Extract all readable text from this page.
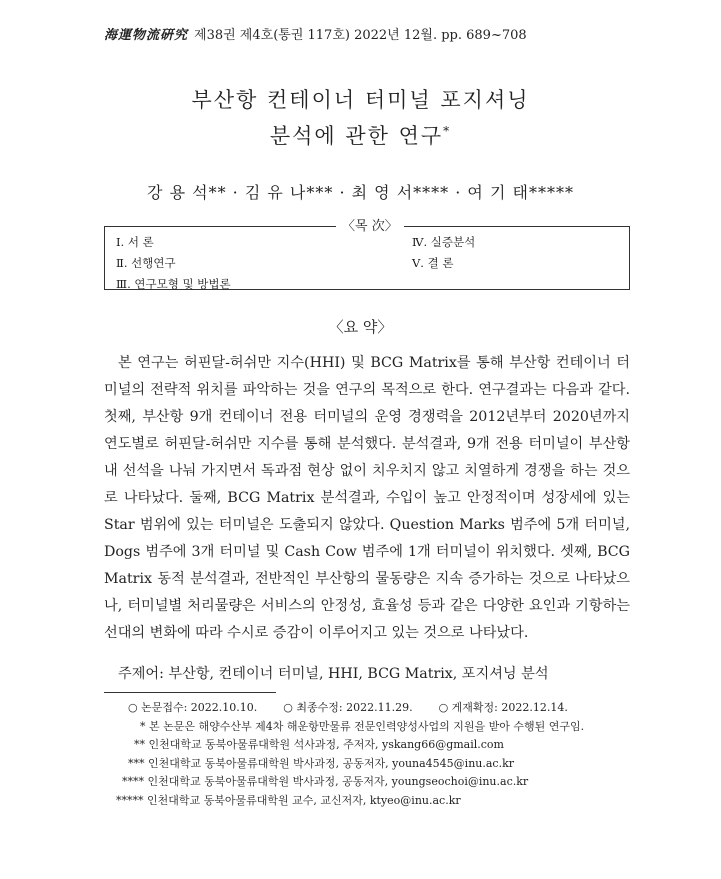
海運物流硏究 제38권 제4호(통권 117호) 2022년 12월. pp. 689~708
부산항 컨테이너 터미널 포지셔닝
분석에 관한 연구*
강 용 석** · 김 유 나*** · 최 영 서**** · 여 기 태*****
〈목 次〉
Ⅰ. 서 론
Ⅱ. 선행연구
Ⅲ. 연구모형 및 방법론
Ⅳ. 실증분석
Ⅴ. 결 론
〈요 약〉

본 연구는 허핀달-허쉬만 지수(HHI) 및 BCG Matrix를 통해 부산항 컨테이너 터미널의 전략적 위치를 파악하는 것을 연구의 목적으로 한다. 연구결과는 다음과 같다. 첫째, 부산항 9개 컨테이너 전용 터미널의 운영 경쟁력을 2012년부터 2020년까지 연도별로 허핀달-허쉬만 지수를 통해 분석했다. 분석결과, 9개 전용 터미널이 부산항 내 선석을 나눠 가지면서 독과점 현상 없이 치우치지 않고 치열하게 경쟁을 하는 것으로 나타났다. 둘째, BCG Matrix 분석결과, 수입이 높고 안정적이며 성장세에 있는 Star 범위에 있는 터미널은 도출되지 않았다. Question Marks 범주에 5개 터미널, Dogs 범주에 3개 터미널 및 Cash Cow 범주에 1개 터미널이 위치했다. 셋째, BCG Matrix 동적 분석결과, 전반적인 부산항의 물동량은 지속 증가하는 것으로 나타났으나, 터미널별 처리물량은 서비스의 안정성, 효율성 등과 같은 다양한 요인과 기항하는 선대의 변화에 따라 수시로 증감이 이루어지고 있는 것으로 나타났다.

주제어: 부산항, 컨테이너 터미널, HHI, BCG Matrix, 포지셔닝 분석
○ 논문접수: 2022.10.10. ○ 최종수정: 2022.11.29. ○ 게재확정: 2022.12.14.
* 본 논문은 해양수산부 제4차 해운항만물류 전문인력양성사업의 지원을 받아 수행된 연구임.
** 인천대학교 동북아물류대학원 석사과정, 주저자, yskang66@gmail.com
*** 인천대학교 동북아물류대학원 박사과정, 공동저자, youna4545@inu.ac.kr
**** 인천대학교 동북아물류대학원 박사과정, 공동저자, youngseochoi@inu.ac.kr
***** 인천대학교 동북아물류대학원 교수, 교신저자, ktyeo@inu.ac.kr
